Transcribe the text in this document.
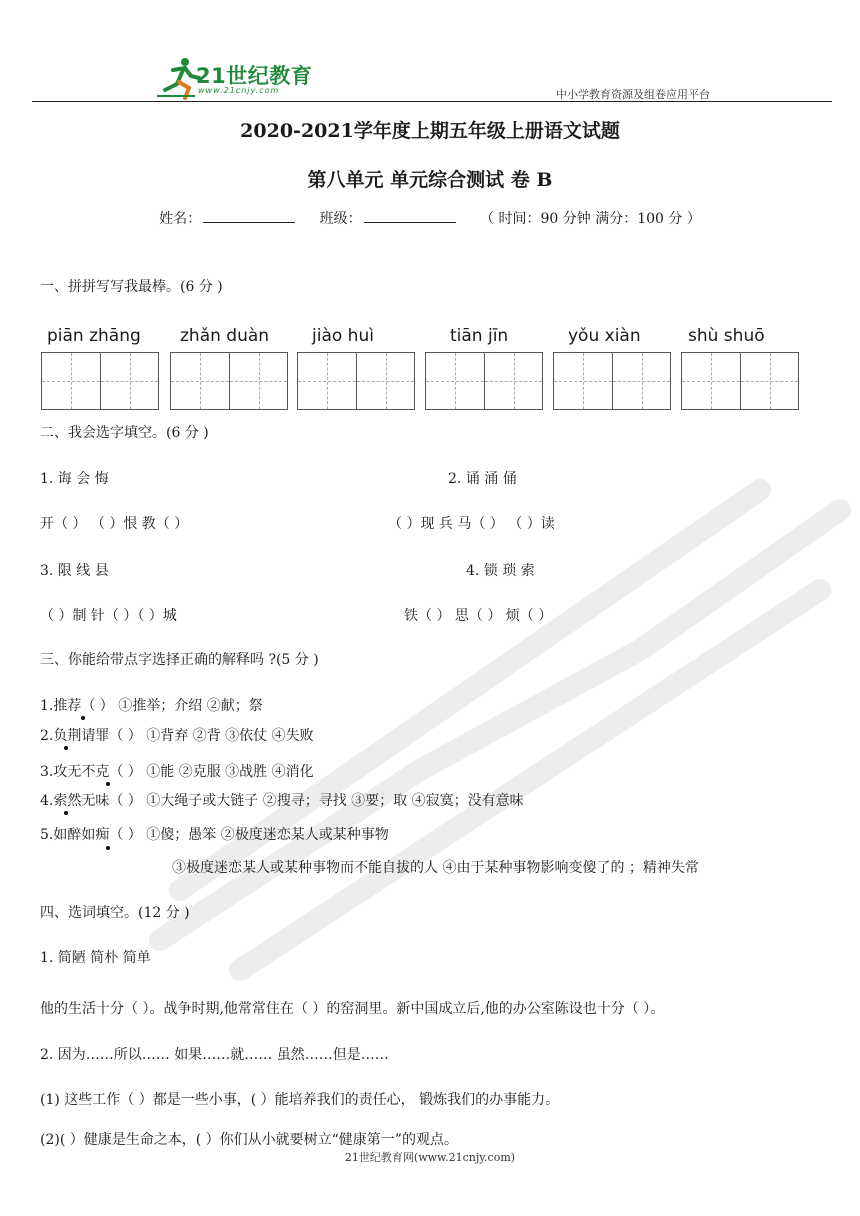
21世纪教育
www.21cnjy.com	中小学教育资源及组卷应用平台
2020-2021学年度上期五年级上册语文试题
第八单元 单元综合测试 卷 B
姓名：	班级：	（ 时间：90 分钟 满分：100 分 ）
一、拼拼写写我最棒。(6 分 )
piān zhāng zhǎn duàn	jiào huì	tiān jīn	yǒu xiàn	shù shuō
二、我会选字填空。(6 分 )
1. 诲 会 悔	2. 诵 涌 俑
开（ ） （ ）恨 教（ ）	（ ）现 兵 马（ ） （ ）读
3. 限 线 县	4. 锁 琐 索
（ ）制 针（ ）（ ）城	铁（ ） 思（ ） 烦（ ）
三、你能给带点字选择正确的解释吗 ?(5 分 )
1.推荐（ ） ①推举；介绍 ②献；祭
2.负荆请罪（ ） ①背弃 ②背 ③依仗 ④失败
3.攻无不克（ ） ①能 ②克服 ③战胜 ④消化
4.索然无味（ ） ①大绳子或大链子 ②搜寻；寻找 ③要；取 ④寂寞；没有意味
5.如醉如痴（ ） ①傻；愚笨 ②极度迷恋某人或某种事物
③极度迷恋某人或某种事物而不能自拔的人 ④由于某种事物影响变傻了的 ；精神失常
四、选词填空。(12 分 )
1. 简陋 简朴 简单
他的生活十分（ ）。战争时期,他常常住在（ ）的窑洞里。新中国成立后,他的办公室陈设也十分（ ）。
2. 因为……所以…… 如果……就…… 虽然……但是……
(1) 这些工作（ ）都是一些小事，( ）能培养我们的责任心， 锻炼我们的办事能力。
(2)( ）健康是生命之本，( ）你们从小就要树立“健康第一”的观点。
21世纪教育网(www.21cnjy.com)
